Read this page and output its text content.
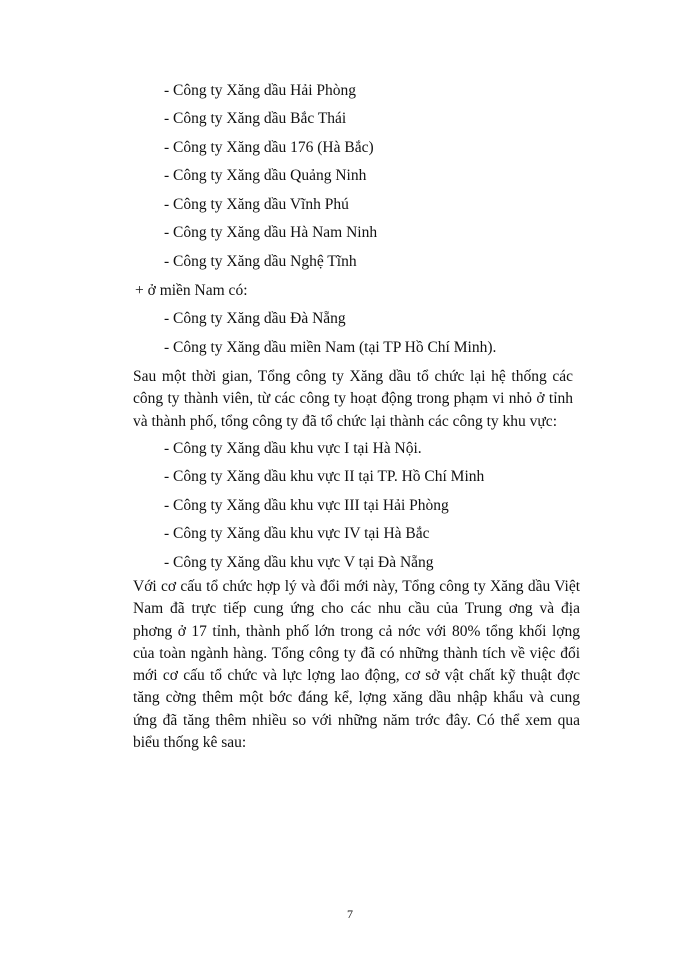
- Công ty Xăng dầu Hải Phòng
- Công ty Xăng dầu Bắc Thái
- Công ty Xăng dầu 176 (Hà Bắc)
- Công ty Xăng dầu Quảng Ninh
- Công ty Xăng dầu Vĩnh Phú
- Công ty Xăng dầu Hà Nam Ninh
- Công ty Xăng dầu Nghệ Tĩnh
+ ở miền Nam có:
- Công ty Xăng dầu Đà Nẵng
- Công ty Xăng dầu miền Nam (tại TP Hồ Chí Minh).
Sau một thời gian, Tổng công ty Xăng dầu tổ chức lại hệ thống các công ty thành viên, từ các công ty hoạt động trong phạm vi nhỏ ở tỉnh và thành phố, tổng công ty đã tổ chức lại thành các công ty khu vực:
- Công ty Xăng dầu khu vực I tại Hà Nội.
- Công ty Xăng dầu khu vực II tại TP. Hồ Chí Minh
- Công ty Xăng dầu khu vực III tại Hải Phòng
- Công ty Xăng dầu khu vực IV tại Hà Bắc
- Công ty Xăng dầu khu vực V tại Đà Nẵng
Với cơ cấu tổ chức hợp lý và đổi mới này, Tổng công ty Xăng dầu Việt Nam đã trực tiếp cung ứng cho các nhu cầu của Trung ơng và địa phơng ở 17 tỉnh, thành phố lớn trong cả nớc với 80% tổng khối lợng của toàn ngành hàng. Tổng công ty đã có những thành tích về việc đổi mới cơ cấu tổ chức và lực lợng lao động, cơ sở vật chất kỹ thuật đợc tăng cờng thêm một bớc đáng kể, lợng xăng dầu nhập khẩu và cung ứng đã tăng thêm nhiều so với những năm trớc đây. Có thể xem qua biểu thống kê sau:
7
